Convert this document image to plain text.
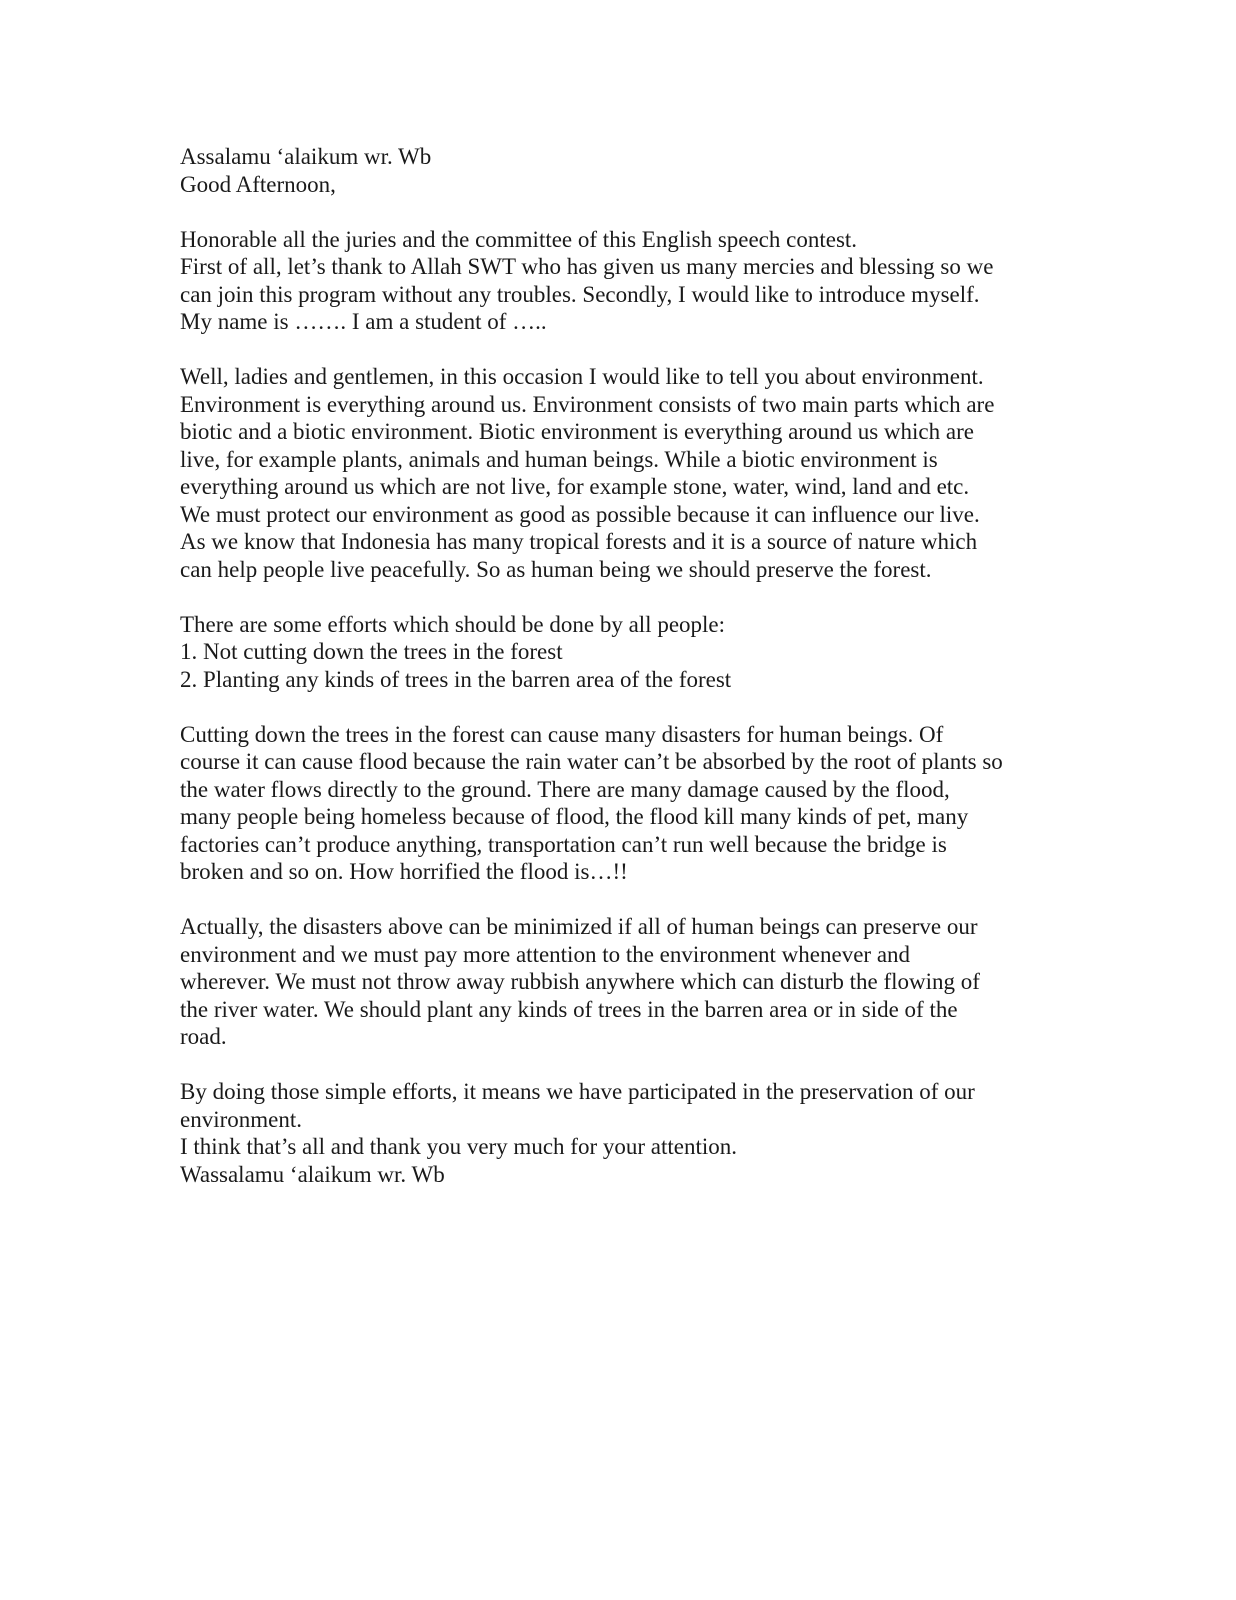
Assalamu ‘alaikum wr. Wb
Good Afternoon,
Honorable all the juries and the committee of this English speech contest.
First of all, let’s thank to Allah SWT who has given us many mercies and blessing so we
can join this program without any troubles. Secondly, I would like to introduce myself.
My name is ……. I am a student of …..
Well, ladies and gentlemen, in this occasion I would like to tell you about environment.
Environment is everything around us. Environment consists of two main parts which are
biotic and a biotic environment. Biotic environment is everything around us which are
live, for example plants, animals and human beings. While a biotic environment is
everything around us which are not live, for example stone, water, wind, land and etc.
We must protect our environment as good as possible because it can influence our live.
As we know that Indonesia has many tropical forests and it is a source of nature which
can help people live peacefully. So as human being we should preserve the forest.
There are some efforts which should be done by all people:
1. Not cutting down the trees in the forest
2. Planting any kinds of trees in the barren area of the forest
Cutting down the trees in the forest can cause many disasters for human beings. Of
course it can cause flood because the rain water can’t be absorbed by the root of plants so
the water flows directly to the ground. There are many damage caused by the flood,
many people being homeless because of flood, the flood kill many kinds of pet, many
factories can’t produce anything, transportation can’t run well because the bridge is
broken and so on. How horrified the flood is…!!
Actually, the disasters above can be minimized if all of human beings can preserve our
environment and we must pay more attention to the environment whenever and
wherever. We must not throw away rubbish anywhere which can disturb the flowing of
the river water. We should plant any kinds of trees in the barren area or in side of the
road.
By doing those simple efforts, it means we have participated in the preservation of our
environment.
I think that’s all and thank you very much for your attention.
Wassalamu ‘alaikum wr. Wb
